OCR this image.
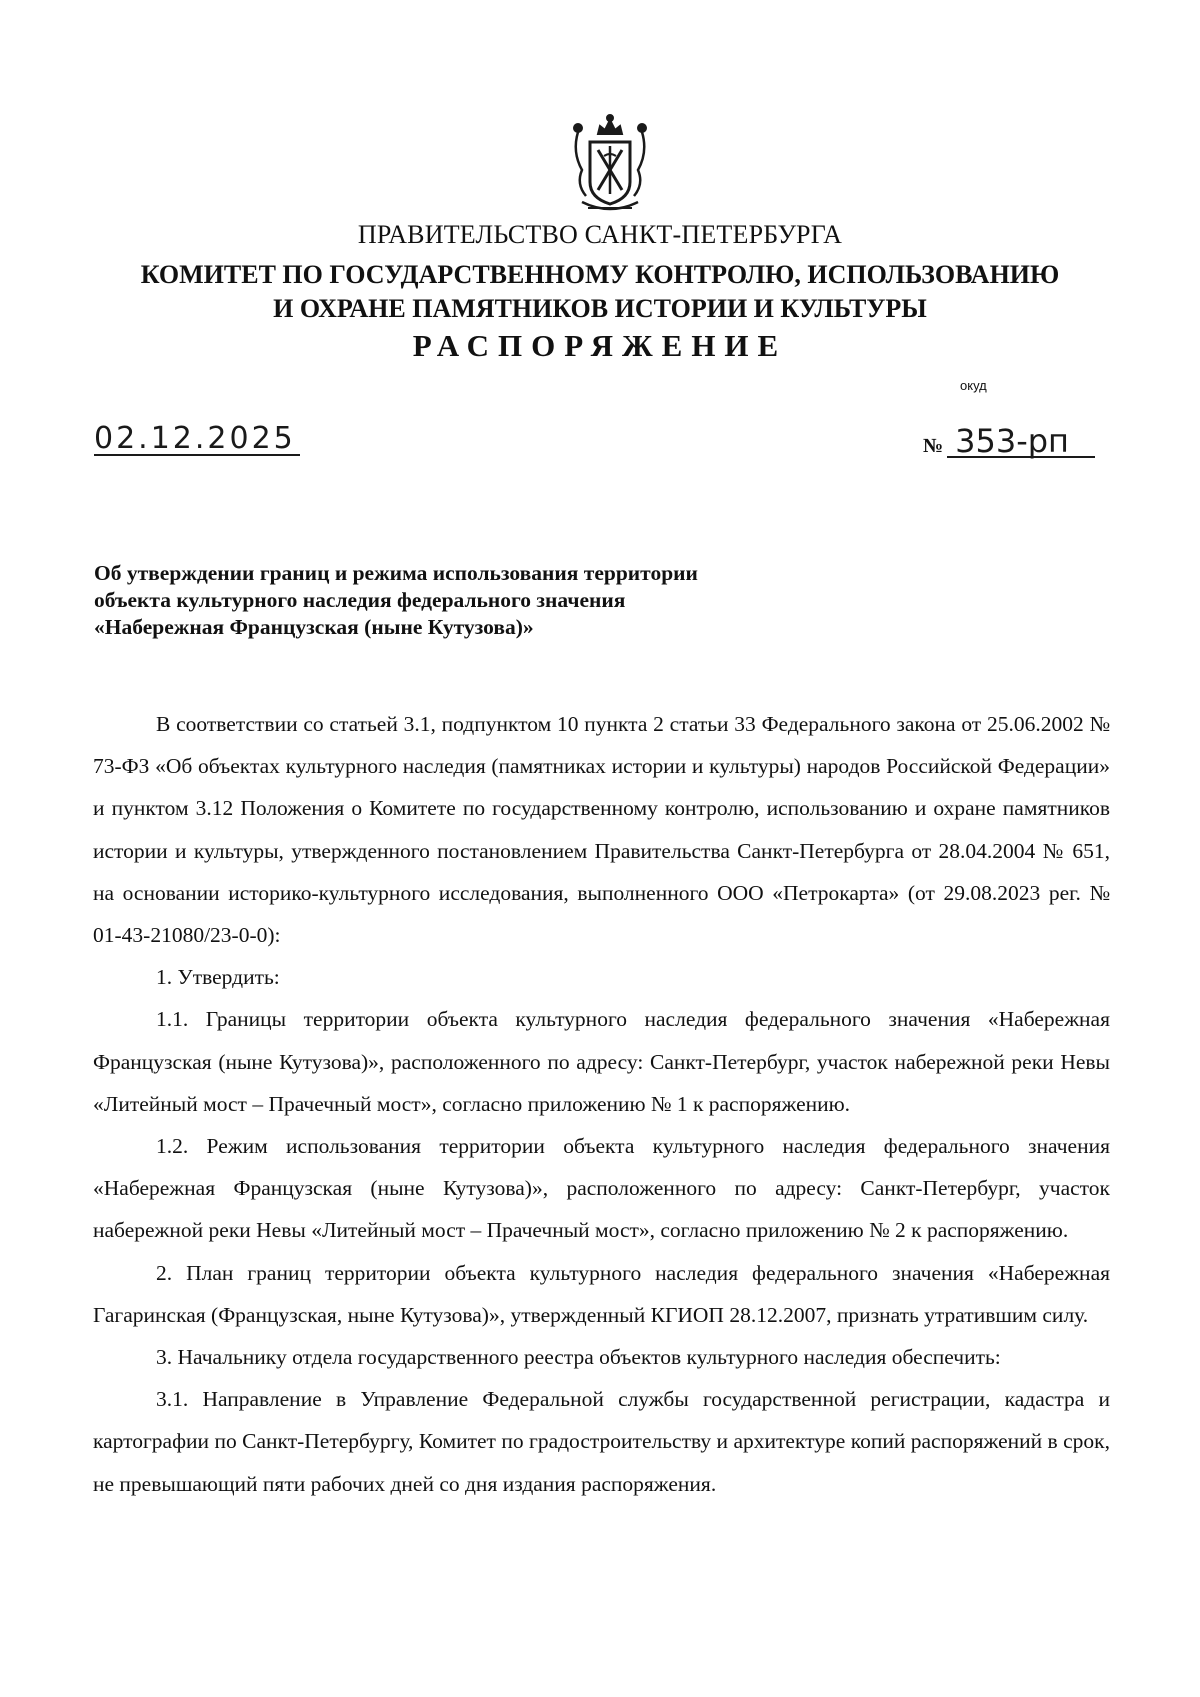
ПРАВИТЕЛЬСТВО САНКТ-ПЕТЕРБУРГА
КОМИТЕТ ПО ГОСУДАРСТВЕННОМУ КОНТРОЛЮ, ИСПОЛЬЗОВАНИЮ
И ОХРАНЕ ПАМЯТНИКОВ ИСТОРИИ И КУЛЬТУРЫ
РАСПОРЯЖЕНИЕ
окуд
02.12.2025	№ 353-рп
Об утверждении границ и режима использования территории
объекта культурного наследия федерального значения
«Набережная Французская (ныне Кутузова)»

В соответствии со статьей 3.1, подпунктом 10 пункта 2 статьи 33 Федерального закона от 25.06.2002 № 73-ФЗ «Об объектах культурного наследия (памятниках истории и культуры) народов Российской Федерации» и пунктом 3.12 Положения о Комитете по государственному контролю, использованию и охране памятников истории и культуры, утвержденного постановлением Правительства Санкт-Петербурга от 28.04.2004 № 651, на основании историко-культурного исследования, выполненного ООО «Петрокарта» (от 29.08.2023 рег. № 01-43-21080/23-0-0):

1. Утвердить:

1.1. Границы территории объекта культурного наследия федерального значения «Набережная Французская (ныне Кутузова)», расположенного по адресу: Санкт-Петербург, участок набережной реки Невы «Литейный мост – Прачечный мост», согласно приложению № 1 к распоряжению.

1.2. Режим использования территории объекта культурного наследия федерального значения «Набережная Французская (ныне Кутузова)», расположенного по адресу: Санкт-Петербург, участок набережной реки Невы «Литейный мост – Прачечный мост», согласно приложению № 2 к распоряжению.

2. План границ территории объекта культурного наследия федерального значения «Набережная Гагаринская (Французская, ныне Кутузова)», утвержденный КГИОП 28.12.2007, признать утратившим силу.

3. Начальнику отдела государственного реестра объектов культурного наследия обеспечить:

3.1. Направление в Управление Федеральной службы государственной регистрации, кадастра и картографии по Санкт-Петербургу, Комитет по градостроительству и архитектуре копий распоряжений в срок, не превышающий пяти рабочих дней со дня издания распоряжения.
